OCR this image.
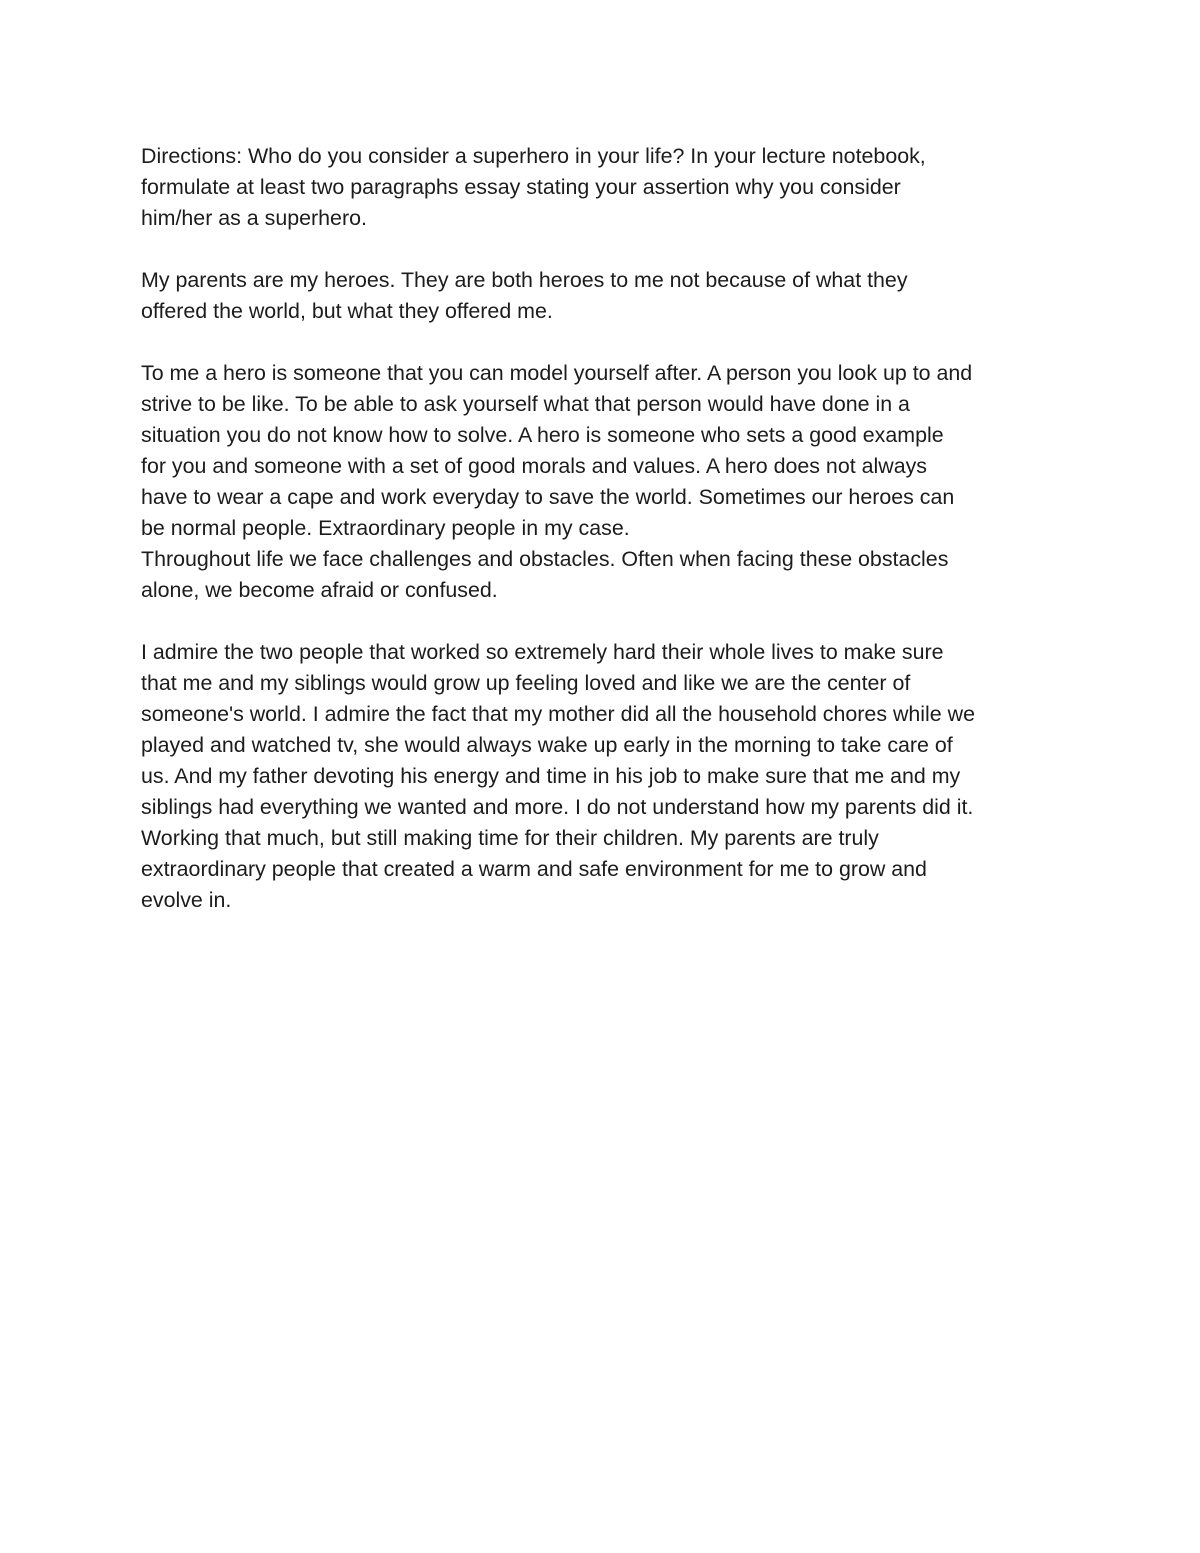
Directions: Who do you consider a superhero in your life? In your lecture notebook,
formulate at least two paragraphs essay stating your assertion why you consider
him/her as a superhero.

My parents are my heroes. They are both heroes to me not because of what they
offered the world, but what they offered me.

To me a hero is someone that you can model yourself after. A person you look up to and
strive to be like. To be able to ask yourself what that person would have done in a
situation you do not know how to solve. A hero is someone who sets a good example
for you and someone with a set of good morals and values. A hero does not always
have to wear a cape and work everyday to save the world. Sometimes our heroes can
be normal people. Extraordinary people in my case.

Throughout life we face challenges and obstacles. Often when facing these obstacles
alone, we become afraid or confused.

I admire the two people that worked so extremely hard their whole lives to make sure
that me and my siblings would grow up feeling loved and like we are the center of
someone's world. I admire the fact that my mother did all the household chores while we
played and watched tv, she would always wake up early in the morning to take care of
us. And my father devoting his energy and time in his job to make sure that me and my
siblings had everything we wanted and more. I do not understand how my parents did it.
Working that much, but still making time for their children. My parents are truly
extraordinary people that created a warm and safe environment for me to grow and
evolve in.
